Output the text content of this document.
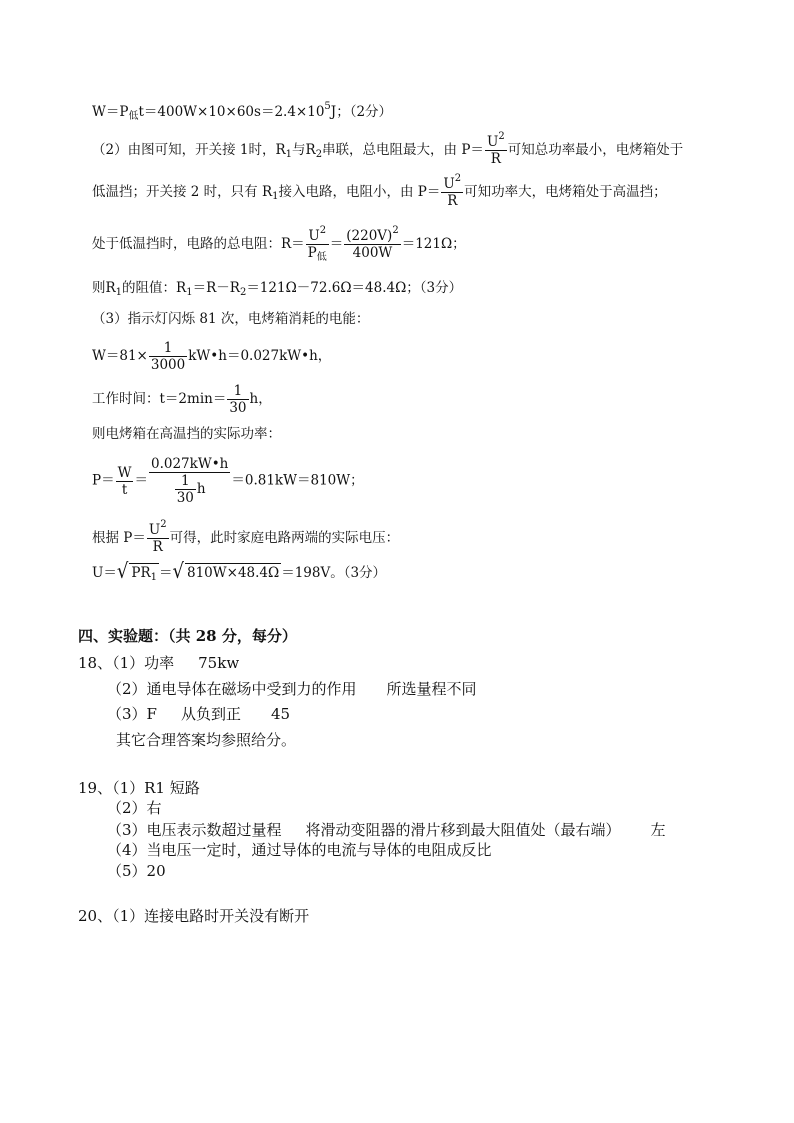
$W=P_低t=400W\times 10\times 60s=2.4\times 10^5J$；（2分）
（2）由图可知，开关接 1时，$R_1$与$R_2$串联，总电阻最大，由 $P= \frac{U^2}{R}$ 可知总功率最小，电烤箱处于
低温挡；开关接 2 时，只有 $R_1$接入电路，电阻小，由 $P= \frac{U^2}{R}$ 可知功率大，电烤箱处于高温挡；
处于低温挡时，电路的总电阻：$R= \frac{U^2}{P_低} = \frac{(220V)^2}{400W} =121\Omega$；
则$R_1$的阻值：$R_1=R-R_2=121\Omega-72.6\Omega=48.4\Omega$；（3分）
（3）指示灯闪烁 81 次，电烤箱消耗的电能：
$W=81\times \frac{1}{3000}$ kW•h＝0.027kW•h，
工作时间：$t=2\min= \frac{1}{30}$ h，
则电烤箱在高温挡的实际功率：
$P= \frac{W}{t} = \frac{0.027kW•h}{\frac{1}{30} h} =0.81kW=810W$；
根据 $P= \frac{U^2}{R}$ 可得，此时家庭电路两端的实际电压：
U＝√ $PR_1$ ＝√ 810W×48.4Ω ＝198V。（3分）
四、实验题：（共 28 分，每分）
18、（1）功率 75kw
（2）通电导体在磁场中受到力的作用 所选量程不同
（3）F 从负到正 45
其它合理答案均参照给分。
19、（1）R1 短路
（2）右
（3）电压表示数超过量程 将滑动变阻器的滑片移到最大阻值处（最右端） 左
（4）当电压一定时，通过导体的电流与导体的电阻成反比
（5）20
20、（1）连接电路时开关没有断开
